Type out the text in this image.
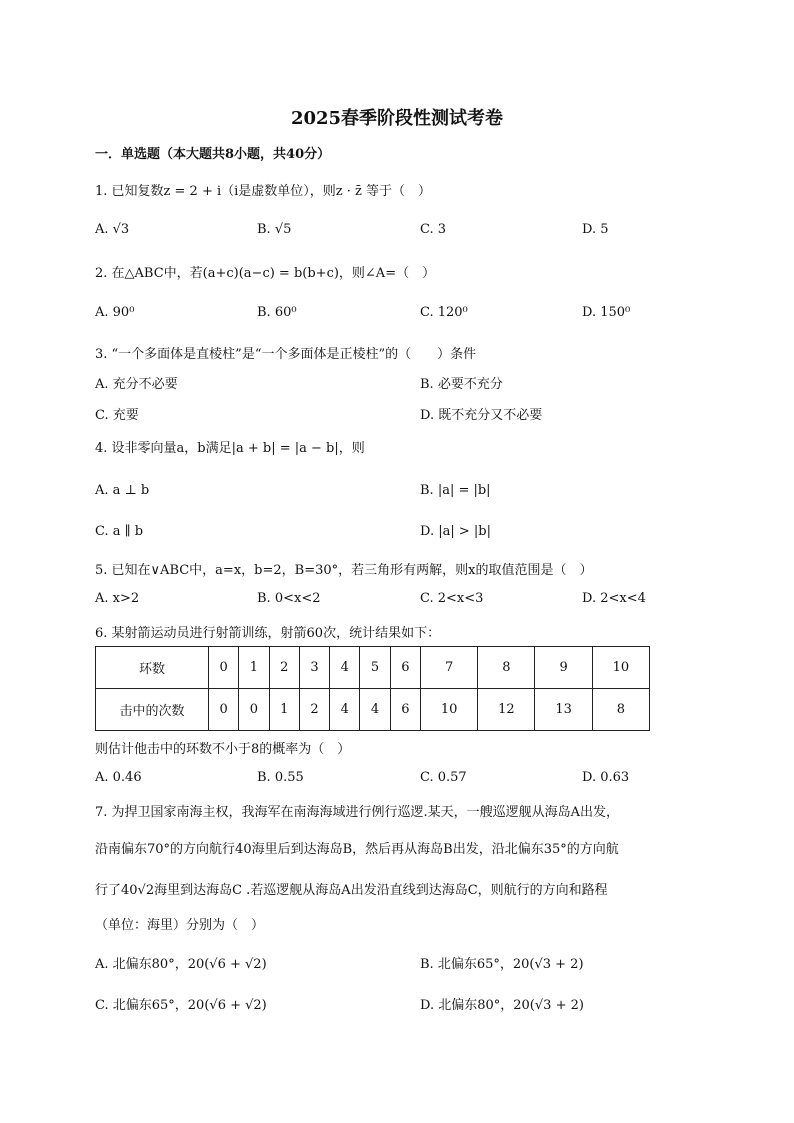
2025春季阶段性测试考卷
一．单选题（本大题共8小题，共40分）
1. 已知复数z = 2 + i（i是虚数单位），则z · z̄ 等于（　）
A. √3	B. √5	C. 3	D. 5
2. 在△ABC中，若(a+c)(a−c) = b(b+c)，则∠A=（　）
A. 90⁰	B. 60⁰	C. 120⁰	D. 150⁰
3. “一个多面体是直棱柱”是“一个多面体是正棱柱”的（　　）条件
A. 充分不必要	B. 必要不充分
C. 充要	D. 既不充分又不必要
4. 设非零向量a，b满足|a + b| = |a − b|，则
A. a ⊥ b	B. |a| = |b|
C. a ∥ b	D. |a| > |b|
5. 已知在∨ABC中，a=x，b=2，B=30°，若三角形有两解，则x的取值范围是（　）
A. x>2	B. 0<x<2	C. 2<x<3	D. 2<x<4
6. 某射箭运动员进行射箭训练，射箭60次，统计结果如下：
环数	0	1	2	3	4	5	6	7	8	9	10
击中的次数	0	0	1	2	4	4	6	10	12	13	8
则估计他击中的环数不小于8的概率为（　）
A. 0.46	B. 0.55	C. 0.57	D. 0.63
7. 为捍卫国家南海主权，我海军在南海海域进行例行巡逻.某天，一艘巡逻舰从海岛A出发，
沿南偏东70°的方向航行40海里后到达海岛B，然后再从海岛B出发，沿北偏东35°的方向航
行了40√2海里到达海岛C .若巡逻舰从海岛A出发沿直线到达海岛C，则航行的方向和路程
（单位：海里）分别为（　）
A. 北偏东80°，20(√6 + √2)	B. 北偏东65°，20(√3 + 2)
C. 北偏东65°，20(√6 + √2)	D. 北偏东80°，20(√3 + 2)
